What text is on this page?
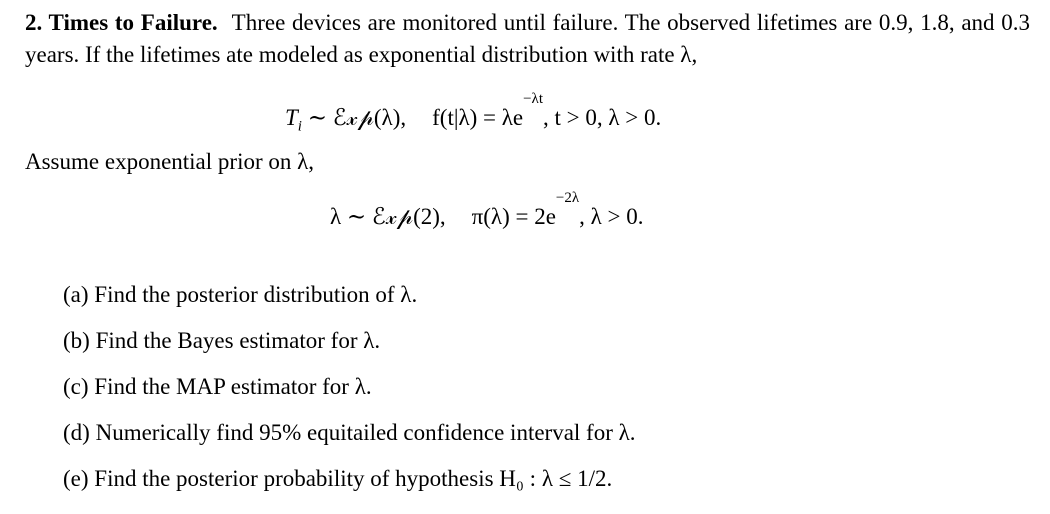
2. Times to Failure. Three devices are monitored until failure. The observed lifetimes are 0.9, 1.8, and 0.3 years. If the lifetimes ate modeled as exponential distribution with rate λ,

$T_i$ ∼ ℰ𝓍𝓅(λ), $f(t|\lambda) = \lambda e^{-\lambda t}$, t > 0, λ > 0.

Assume exponential prior on λ,

λ ∼ ℰ𝓍𝓅(2), $\pi(\lambda) = 2e^{-2\lambda}$, λ > 0.
(a) Find the posterior distribution of λ.
(b) Find the Bayes estimator for λ.
(c) Find the MAP estimator for λ.
(d) Numerically find 95% equitailed confidence interval for λ.
(e) Find the posterior probability of hypothesis H₀ : λ ≤ 1/2.
